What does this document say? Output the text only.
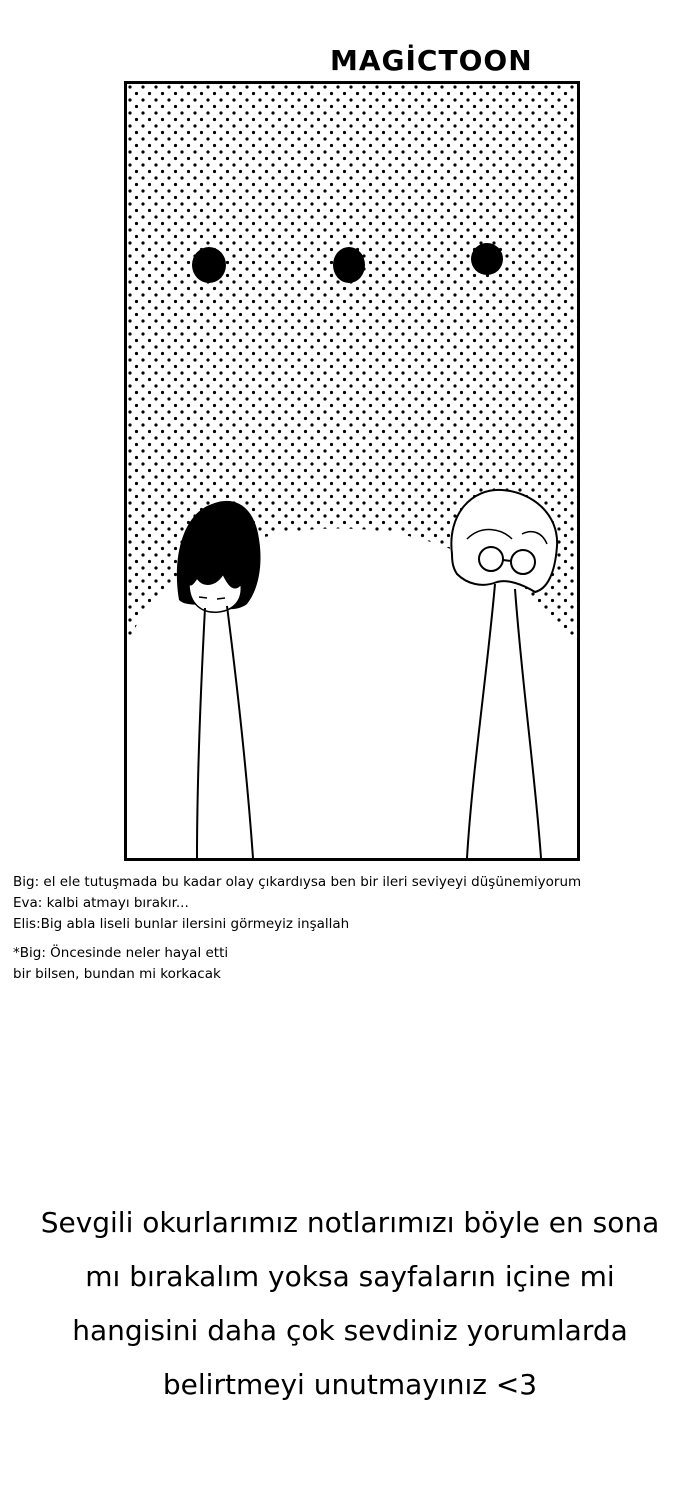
MAGİCTOON

Big: el ele tutuşmada bu kadar olay çıkardıysa ben bir ileri seviyeyi düşünemiyorum

Eva: kalbi atmayı bırakır...

Elis:Big abla liseli bunlar ilersini görmeyiz inşallah

*Big: Öncesinde neler hayal etti

bir bilsen, bundan mi korkacak

Sevgili okurlarımız notlarımızı böyle en sona

mı bırakalım yoksa sayfaların içine mi

hangisini daha çok sevdiniz yorumlarda

belirtmeyi unutmayınız <3
